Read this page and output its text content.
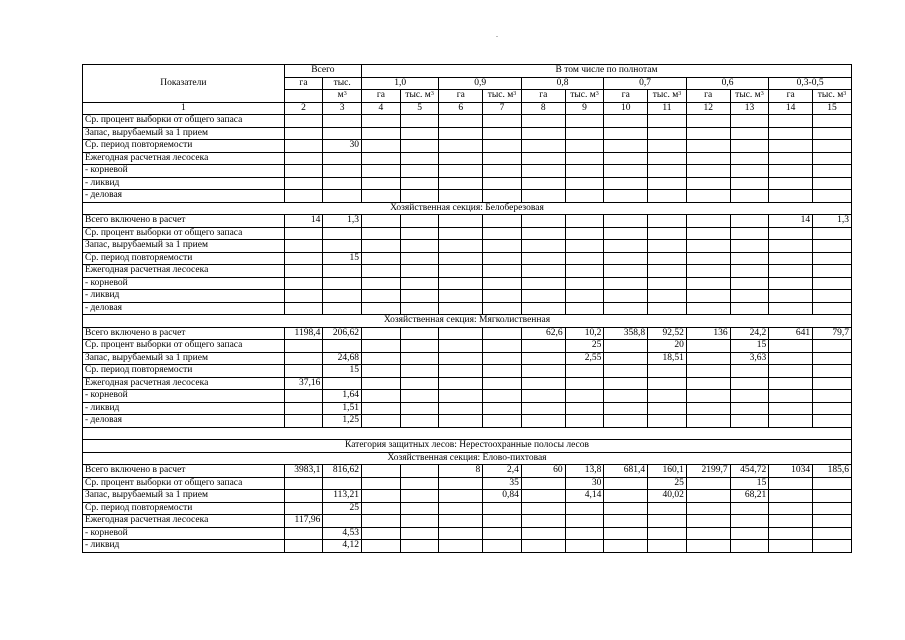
Показатели	Всего		В том числе по полнотам											
	га	тыс.	1,0		0,9		0,8		0,7		0,6		0,3-0,5	
		$м^3$	га	тыс. $м^3$	га	тыс. $м^3$	га	тыс. $м^3$	га	тыс. $м^3$	га	тыс. $м^3$	га	тыс. $м^3$
1	2	3	4	5	6	7	8	9	10	11	12	13	14	15
Ср. процент выборки от общего запаса														
Запас, вырубаемый за 1 прием														
Ср. период повторяемости		30												
Ежегодная расчетная лесосека														
- корневой														
- ликвид														
- деловая														
Хозяйственная секция: Белоберезовая														
Всего включено в расчет	14	1,3											14	1,3
Ср. процент выборки от общего запаса														
Запас, вырубаемый за 1 прием														
Ср. период повторяемости		15												
Ежегодная расчетная лесосека														
- корневой														
- ликвид														
- деловая														
Хозяйственная секция: Мягколиственная														
Всего включено в расчет	1198,4	206,62					62,6	10,2	358,8	92,52	136	24,2	641	79,7
Ср. процент выборки от общего запаса								25		20		15		
Запас, вырубаемый за 1 прием		24,68						2,55		18,51		3,63		
Ср. период повторяемости		15												
Ежегодная расчетная лесосека	37,16													
- корневой		1,64												
- ликвид		1,51												
- деловая		1,25												

Категория защитных лесов: Нерестоохранные полосы лесов														
Хозяйственная секция: Елово-пихтовая														
Всего включено в расчет	3983,1	816,62			8	2,4	60	13,8	681,4	160,1	2199,7	454,72	1034	185,6
Ср. процент выборки от общего запаса						35		30		25		15		
Запас, вырубаемый за 1 прием		113,21				0,84		4,14		40,02		68,21		
Ср. период повторяемости		25												
Ежегодная расчетная лесосека	117,96													
- корневой		4,53												
- ликвид		4,12												
